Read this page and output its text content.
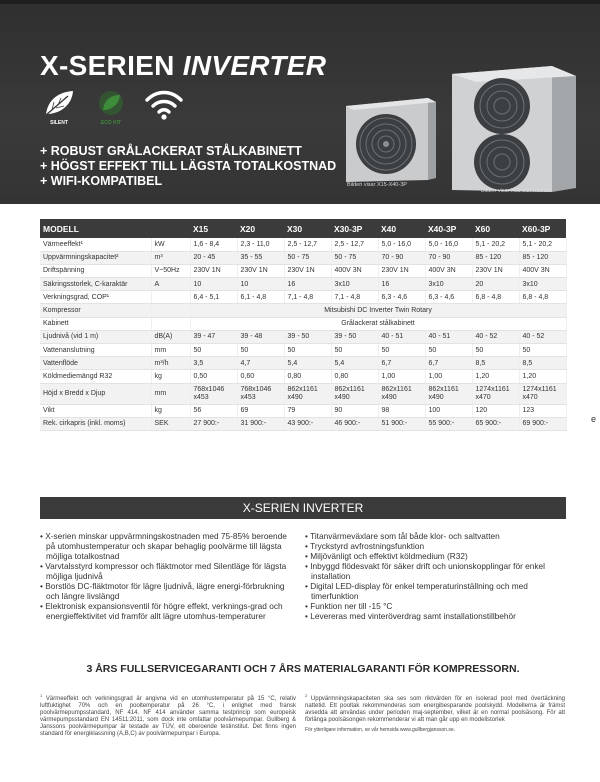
X-SERIEN INVERTER
SILENT	ECO KIT
+ ROBUST GRÅLACKERAT STÅLKABINETT
+ HÖGST EFFEKT TILL LÄGSTA TOTALKOSTNAD
+ WIFI-KOMPATIBEL	Bilden visar X15-X40-3P
Bilden visar X60 och X60-3P
MODELL		X15	X20	X30	X30-3P	X40	X40-3P	X60	X60-3P
Värmeeffekt¹	kW	1,6 - 8,4	2,3 - 11,0	2,5 - 12,7	2,5 - 12,7	5,0 - 16,0	5,0 - 16,0	5,1 - 20,2	5,1 - 20,2
Uppvärmningskapacitet²	m³	20 - 45	35 - 55	50 - 75	50 - 75	70 - 90	70 - 90	85 - 120	85 - 120
Driftspänning	V~50Hz	230V 1N	230V 1N	230V 1N	400V 3N	230V 1N	400V 3N	230V 1N	400V 3N
Säkringsstorlek, C-karaktär	A	10	10	16	3x10	16	3x10	20	3x10
Verkningsgrad, COP¹		6,4 - 5,1	6,1 - 4,8	7,1 - 4,8	7,1 - 4,8	6,3 - 4,6	6,3 - 4,6	6,8 - 4,8	6,8 - 4,8
Kompressor		Mitsubishi DC Inverter Twin Rotary							
Kabinett		Grålackerat stålkabinett							
Ljudnivå (vid 1 m)	dB(A)	39 - 47	39 - 48	39 - 50	39 - 50	40 - 51	40 - 51	40 - 52	40 - 52
Vattenanslutning	mm	50	50	50	50	50	50	50	50
Vattenflöde	m³/h	3,5	4,7	5,4	5,4	6,7	6,7	8,5	8,5
Köldmediemängd R32	kg	0,50	0,60	0,80	0,80	1,00	1,00	1,20	1,20
Höjd x Bredd x Djup	mm	768x1046 x453	768x1046 x453	862x1161 x490	862x1161 x490	862x1161 x490	862x1161 x490	1274x1161 x470	1274x1161 x470
Vikt	kg	56	69	79	90	98	100	120	123
Rek. cirkapris (inkl. moms)	SEK	27 900:-	31 900:-	43 900:-	46 900:-	51 900:-	55 900:-	65 900:-	69 900:-
X-SERIEN INVERTER
• X-serien minskar uppvärmningskostnaden med 75-85% beroende på utomhustemperatur och skapar behaglig poolvärme till lägsta möjliga totalkostnad
• Varvtalsstyrd kompressor och fläktmotor med Silentläge för lägsta möjliga ljudnivå
• Borstlös DC-fläktmotor för lägre ljudnivå, lägre energi-förbrukning och längre livslängd
• Elektronisk expansionsventil för högre effekt, verknings-grad och energieffektivitet vid framför allt lägre utomhus-temperaturer
• Titanvärmeväxlare som tål både klor- och saltvatten
• Tryckstyrd avfrostningsfunktion
• Miljövänligt och effektivt köldmedium (R32)
• Inbyggd flödesvakt för säker drift och unionskopplingar för enkel installation
• Digital LED-display för enkel temperaturinställning och med timerfunktion
• Funktion ner till -15 °C
• Levereras med vinteröverdrag samt installationstillbehör
3 ÅRS FULLSERVICEGARANTI OCH 7 ÅRS MATERIALGARANTI FÖR KOMPRESSORN.
$^1$ Värmeeffekt och verkningsgrad är angivna vid en utomhustemperatur på 15 °C, relativ luftfuktighet 70% och en pooltemperatur på 26 °C, i enlighet med fransk poolvärmepumpsstandard, NF 414. NF 414 använder samma testprincip som europeisk värmepumpsstandard EN 14511:2011, som dock inte omfattar poolvärmepumpar. Gullberg & Janssons poolvärmepumpar är testade av TÜV, ett oberoende testinstitut. Det finns ingen standard för energiklassning (A,B,C) av poolvärmepumpar i Europa.
$^2$ Uppvärmningskapaciteten ska ses som riktvärden för en isolerad pool med övertäckning nattetid. Ett pooltak rekommenderas som energibesparande poolskydd. Modellerna är främst avsedda att användas under perioden maj-september, vilket är en normal poolsäsong. För att förlänga poolsäsongen rekommenderar vi att man går upp en modellstorlek
För ytterligare information, se vår hemsida www.gullbergjansson.se.
e
